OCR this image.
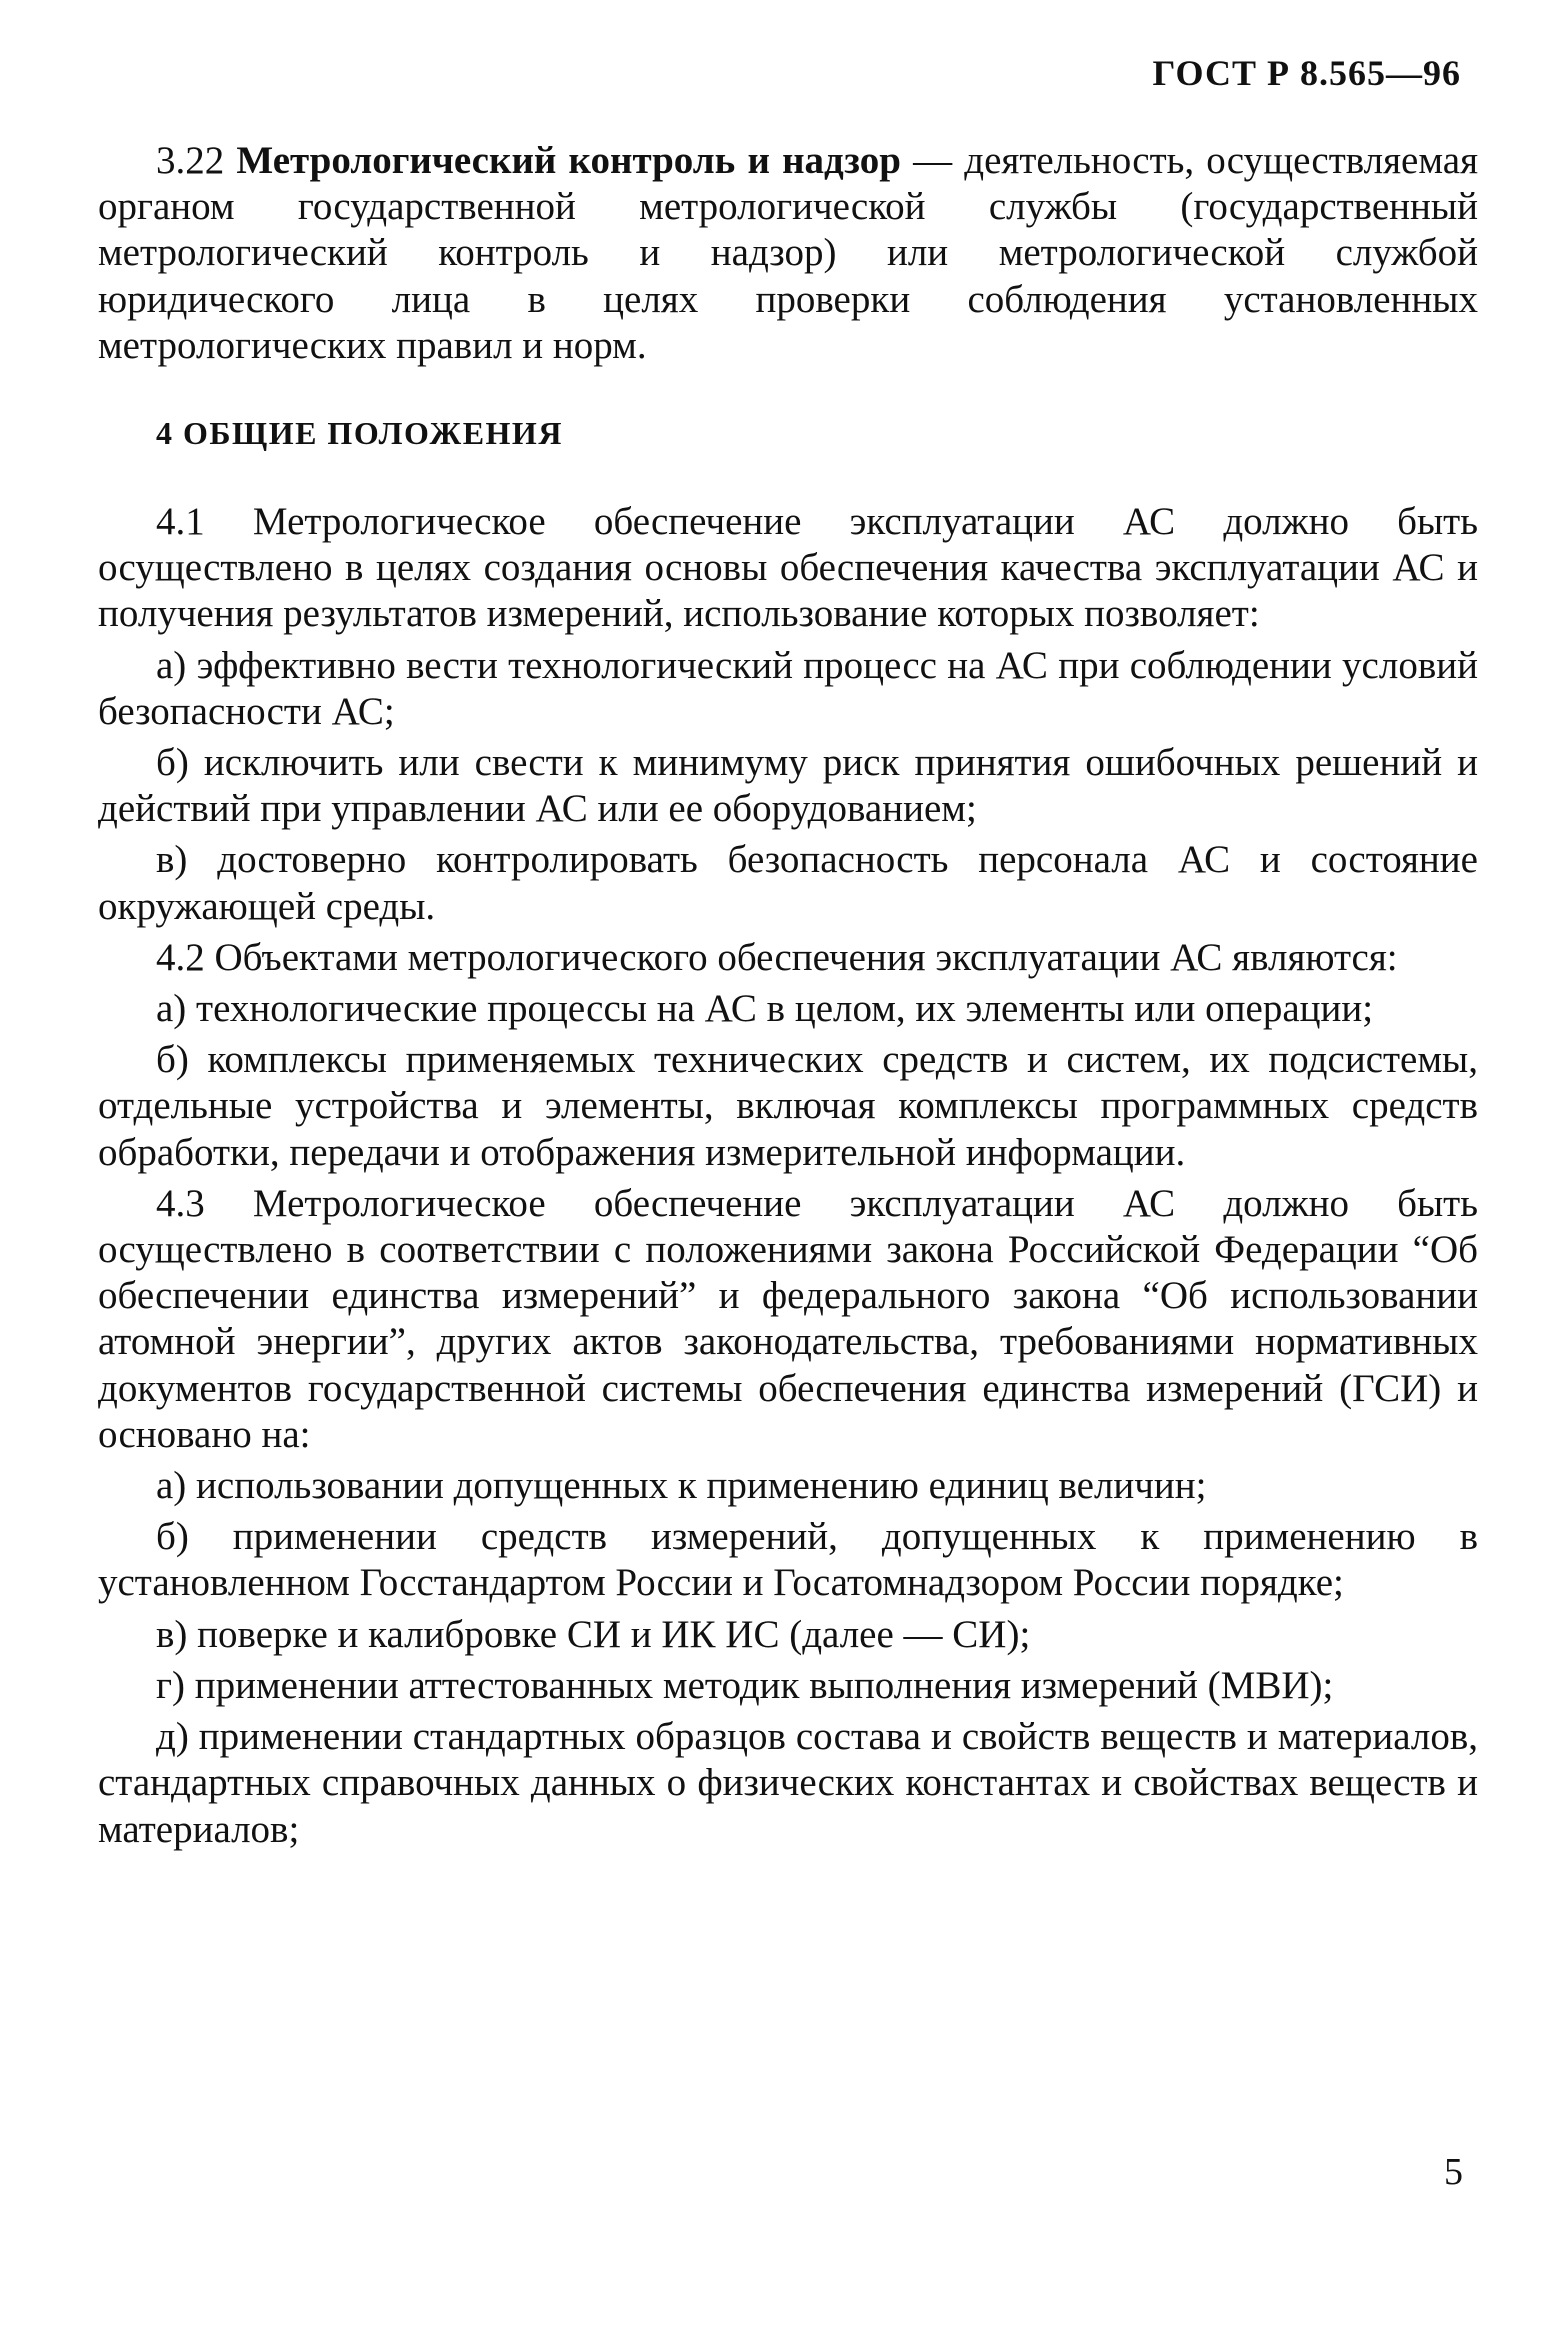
ГОСТ Р 8.565—96

3.22 Метрологический контроль и надзор — деятельность, осуществляемая органом государственной метрологической службы (государственный метрологический контроль и надзор) или метрологической службой юридического лица в целях проверки соблюдения установленных метрологических правил и норм.

4 ОБЩИЕ ПОЛОЖЕНИЯ

4.1 Метрологическое обеспечение эксплуатации АС должно быть осуществлено в целях создания основы обеспечения качества эксплуатации АС и получения результатов измерений, использование которых позволяет:

а) эффективно вести технологический процесс на АС при соблюдении условий безопасности АС;

б) исключить или свести к минимуму риск принятия ошибочных решений и действий при управлении АС или ее оборудованием;

в) достоверно контролировать безопасность персонала АС и состояние окружающей среды.

4.2 Объектами метрологического обеспечения эксплуатации АС являются:

а) технологические процессы на АС в целом, их элементы или операции;

б) комплексы применяемых технических средств и систем, их подсистемы, отдельные устройства и элементы, включая комплексы программных средств обработки, передачи и отображения измерительной информации.

4.3 Метрологическое обеспечение эксплуатации АС должно быть осуществлено в соответствии с положениями закона Российской Федерации “Об обеспечении единства измерений” и федерального закона “Об использовании атомной энергии”, других актов законодательства, требованиями нормативных документов государственной системы обеспечения единства измерений (ГСИ) и основано на:

а) использовании допущенных к применению единиц величин;

б) применении средств измерений, допущенных к применению в установленном Госстандартом России и Госатомнадзором России порядке;

в) поверке и калибровке СИ и ИК ИС (далее — СИ);

г) применении аттестованных методик выполнения измерений (МВИ);

д) применении стандартных образцов состава и свойств веществ и материалов, стандартных справочных данных о физических константах и свойствах веществ и материалов;

5
